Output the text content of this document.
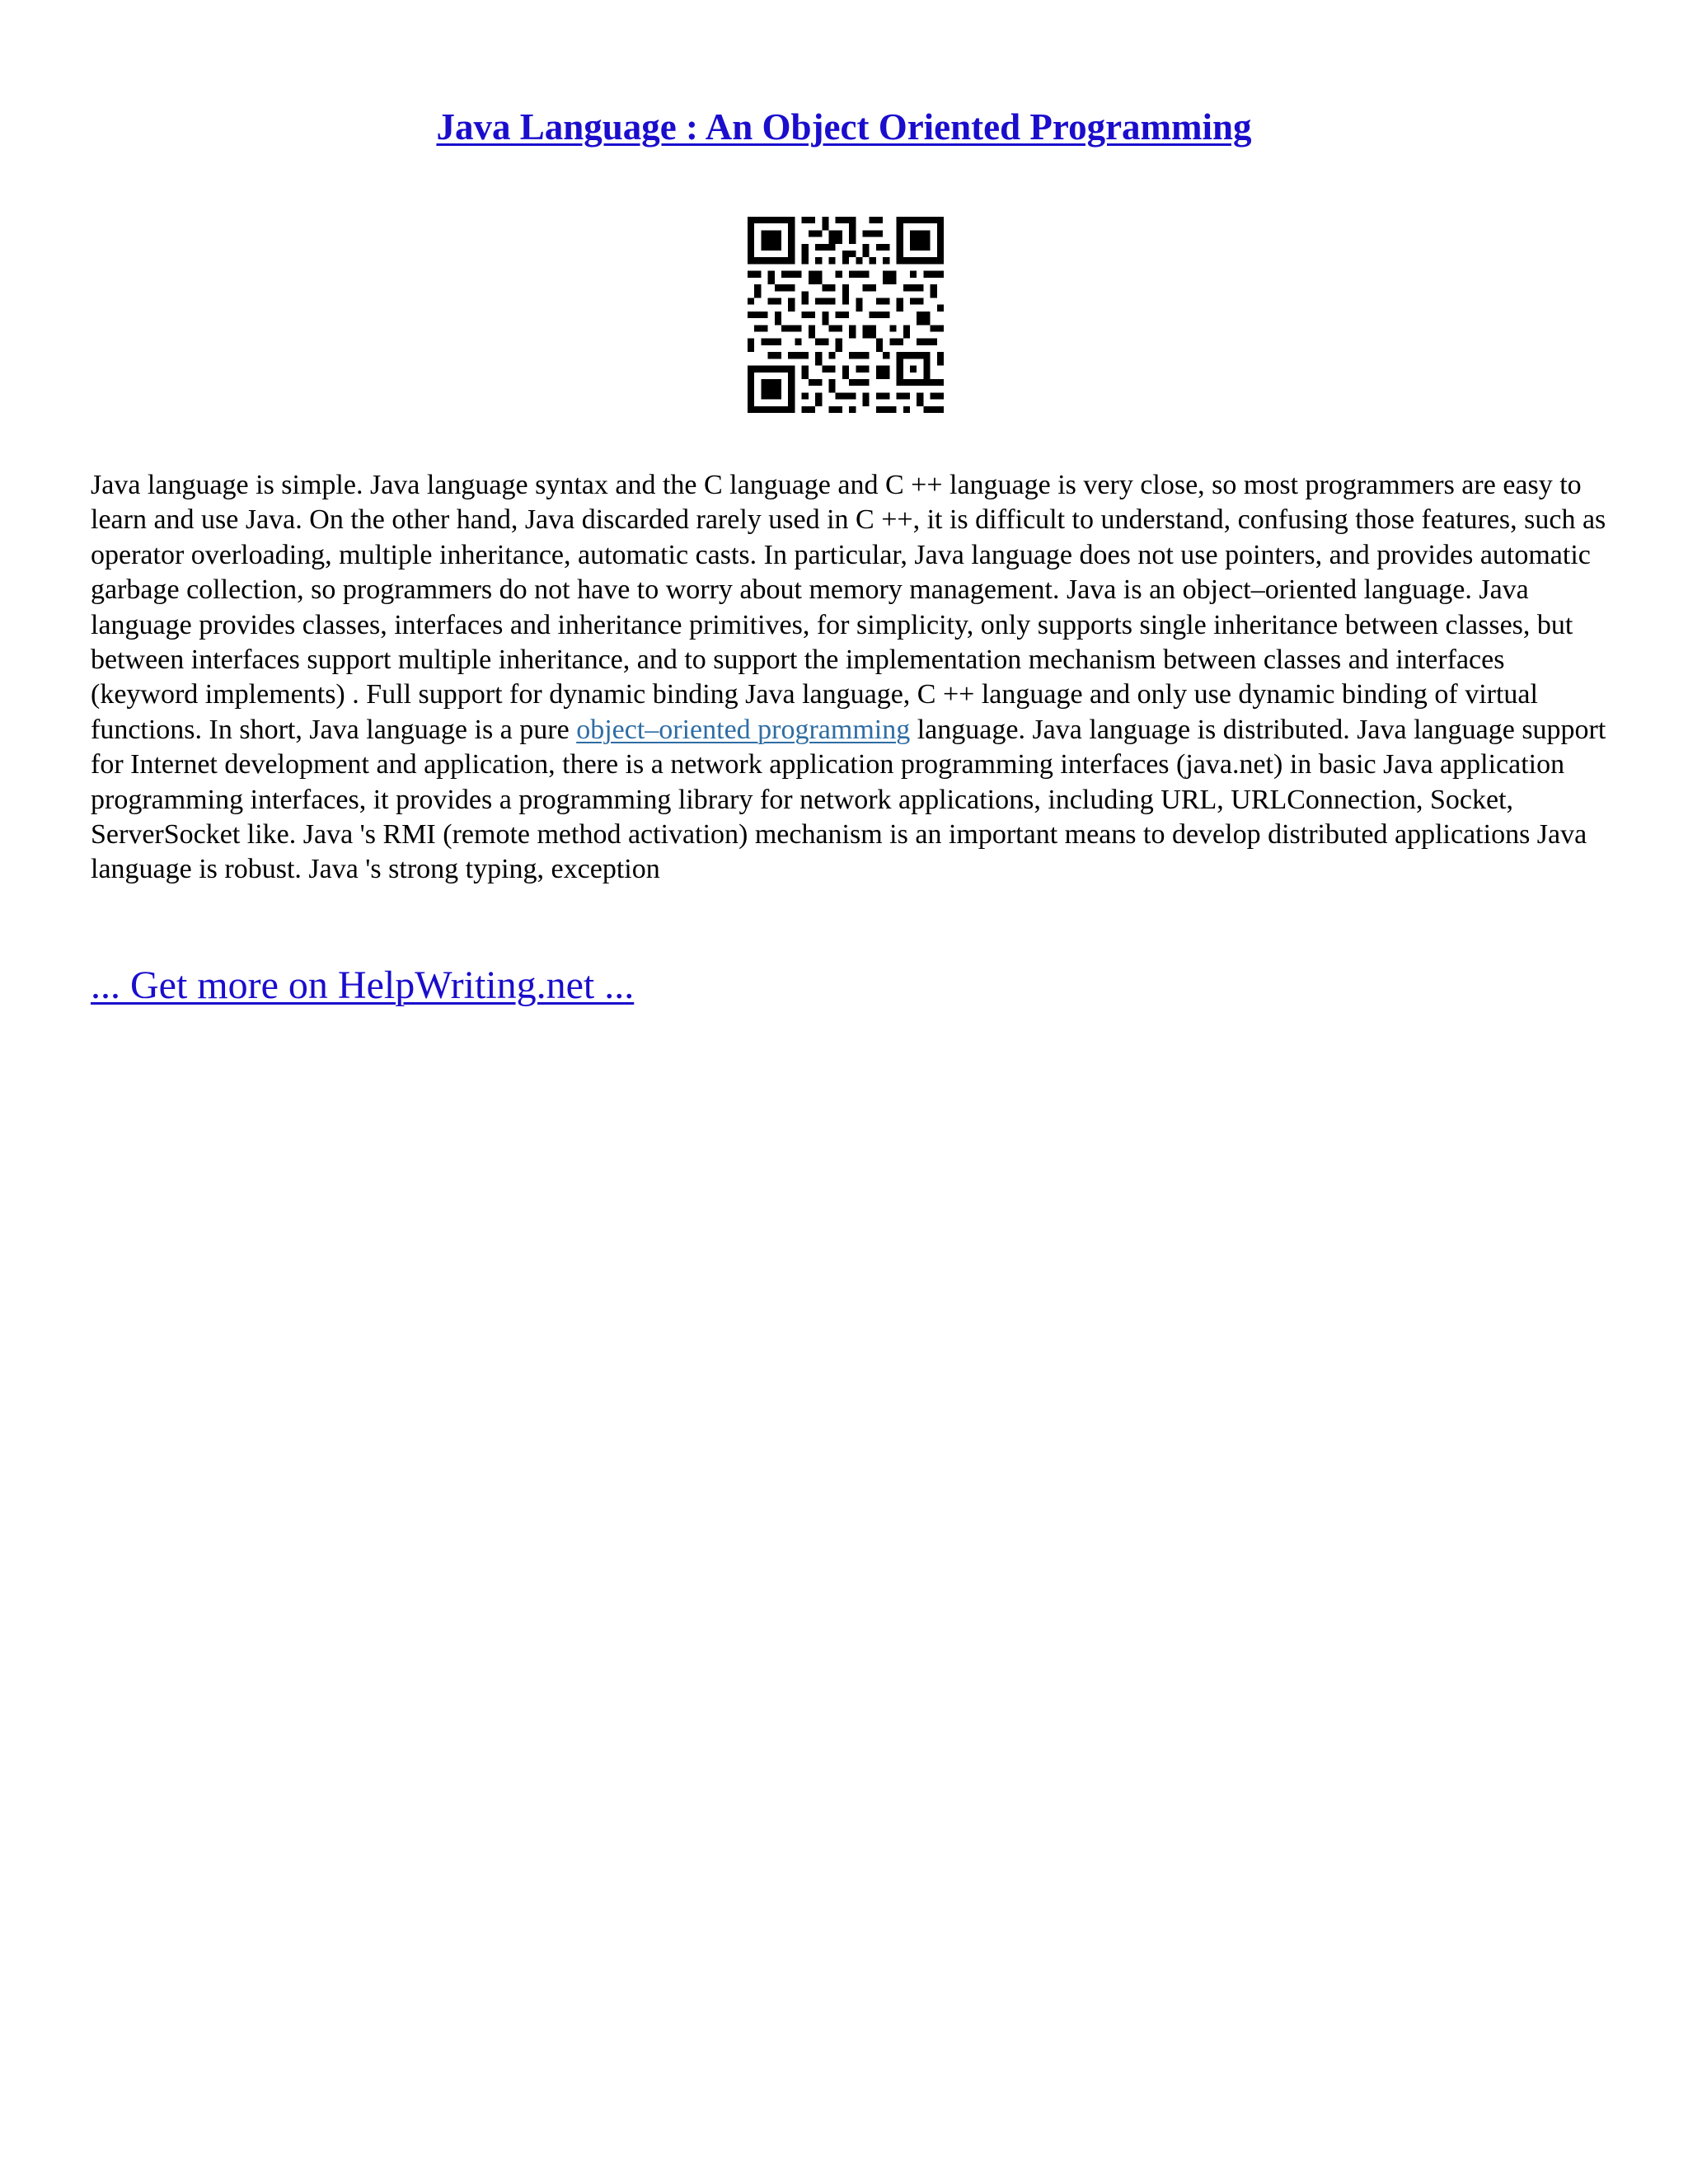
Java Language : An Object Oriented Programming

Java language is simple. Java language syntax and the C language and C ++ language is very close, so most programmers are easy to learn and use Java. On the other hand, Java discarded rarely used in C ++, it is difficult to understand, confusing those features, such as operator overloading, multiple inheritance, automatic casts. In particular, Java language does not use pointers, and provides automatic garbage collection, so programmers do not have to worry about memory management. Java is an object–oriented language. Java language provides classes, interfaces and inheritance primitives, for simplicity, only supports single inheritance between classes, but between interfaces support multiple inheritance, and to support the implementation mechanism between classes and interfaces (keyword implements) . Full support for dynamic binding Java language, C ++ language and only use dynamic binding of virtual functions. In short, Java language is a pure object–oriented programming language. Java language is distributed. Java language support for Internet development and application, there is a network application programming interfaces (java.net) in basic Java application programming interfaces, it provides a programming library for network applications, including URL, URLConnection, Socket, ServerSocket like. Java 's RMI (remote method activation) mechanism is an important means to develop distributed applications Java language is robust. Java 's strong typing, exception

... Get more on HelpWriting.net ...
